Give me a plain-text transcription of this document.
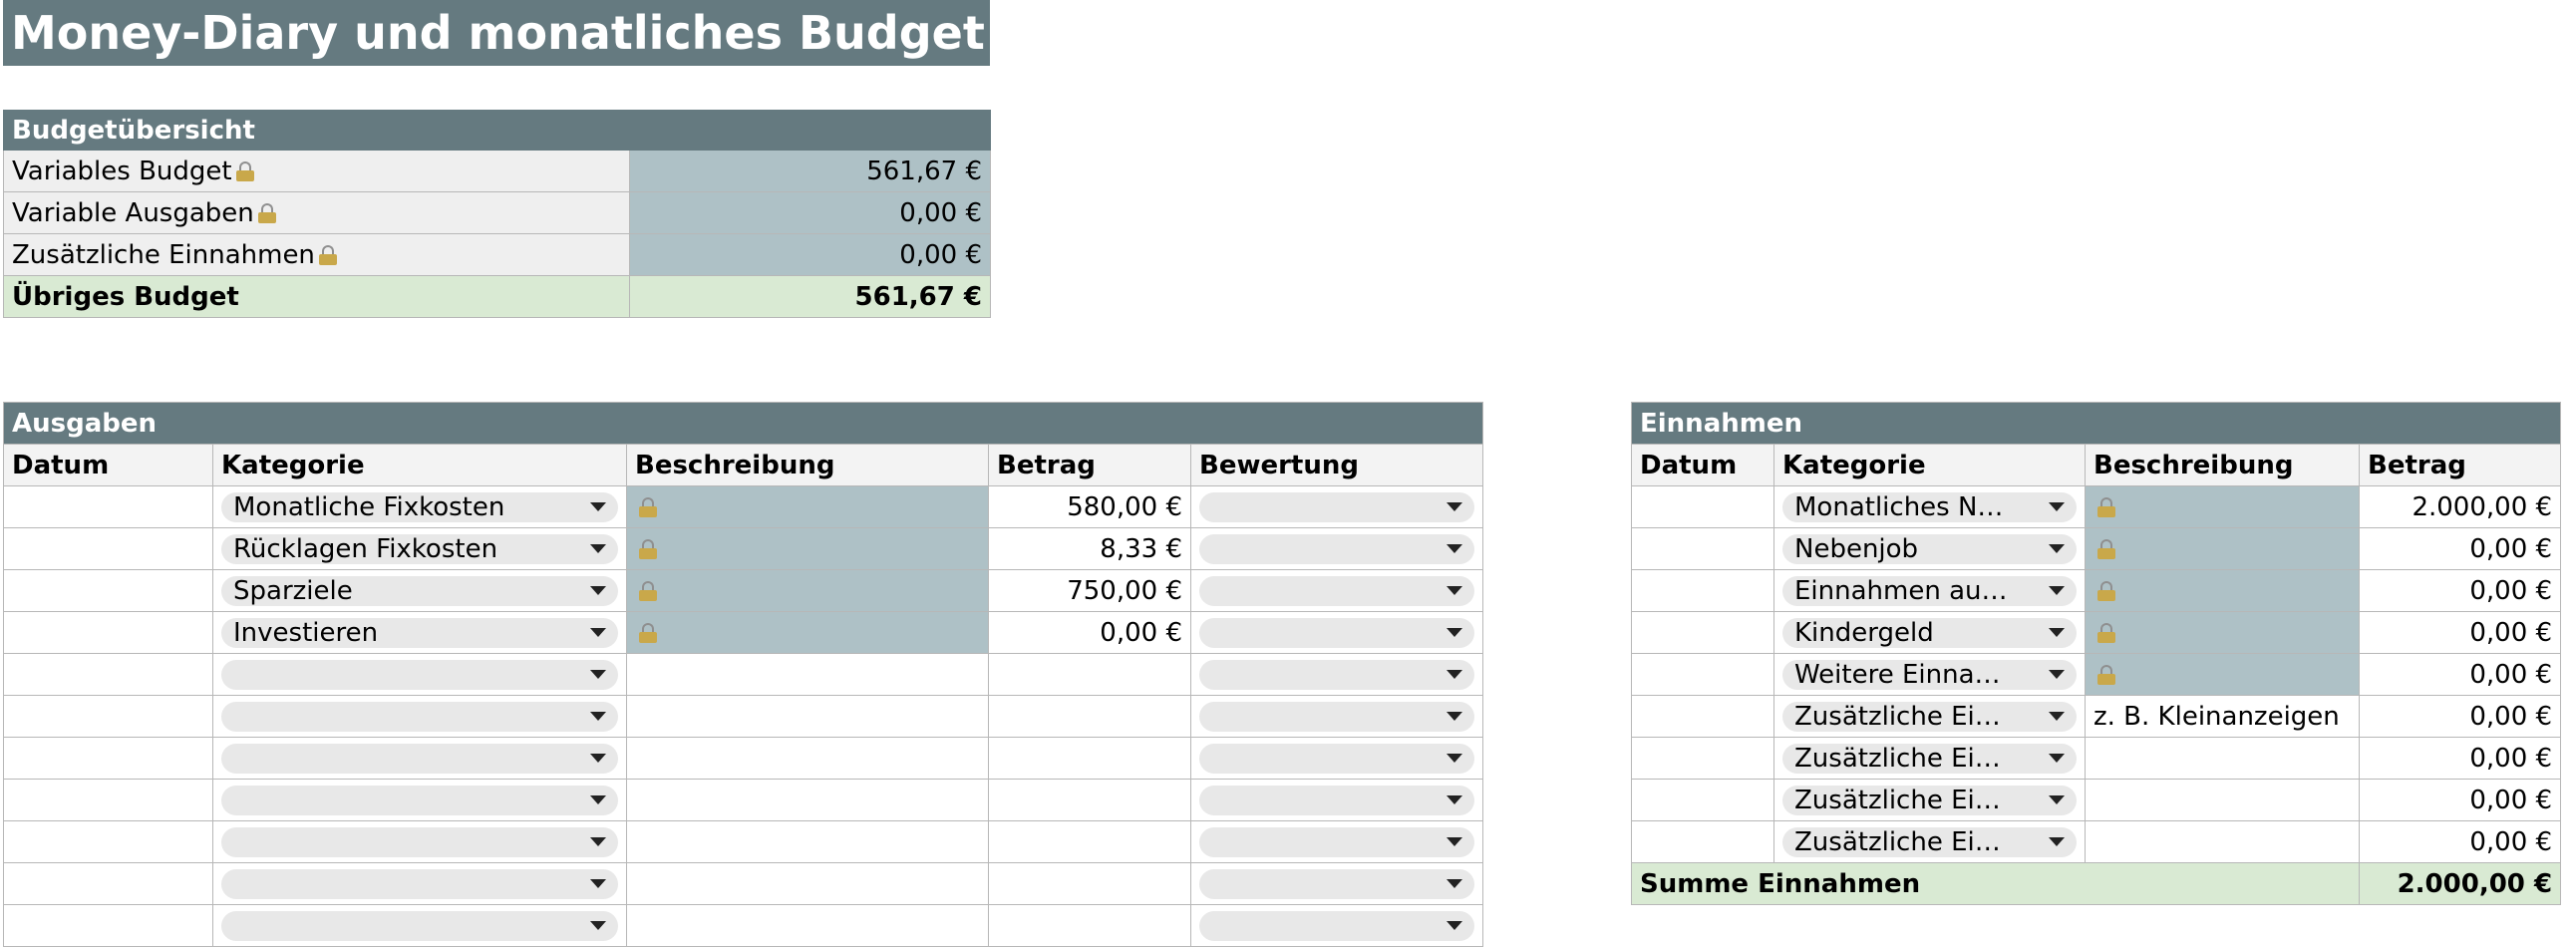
Money-Diary und monatliches Budget
Budgetübersicht	
Variables Budget	561,67 €
Variable Ausgaben	0,00 €
Zusätzliche Einnahmen	0,00 €
Übriges Budget	561,67 €
Ausgaben				
Datum	Kategorie	Beschreibung	Betrag	Bewertung

	Monatliche Fixkosten		580,00 €	

	Rücklagen Fixkosten		8,33 €	

	Sparziele		750,00 €	

	Investieren		0,00 €	

Einnahmen			
Datum	Kategorie	Beschreibung	Betrag

	Monatliches N…		2.000,00 €

	Nebenjob		0,00 €

	Einnahmen au…		0,00 €

	Kindergeld		0,00 €

	Weitere Einna…		0,00 €

	Zusätzliche Ei…	z. B. Kleinanzeigen	0,00 €

	Zusätzliche Ei…		0,00 €

	Zusätzliche Ei…		0,00 €

	Zusätzliche Ei…		0,00 €
Summe Einnahmen			2.000,00 €
